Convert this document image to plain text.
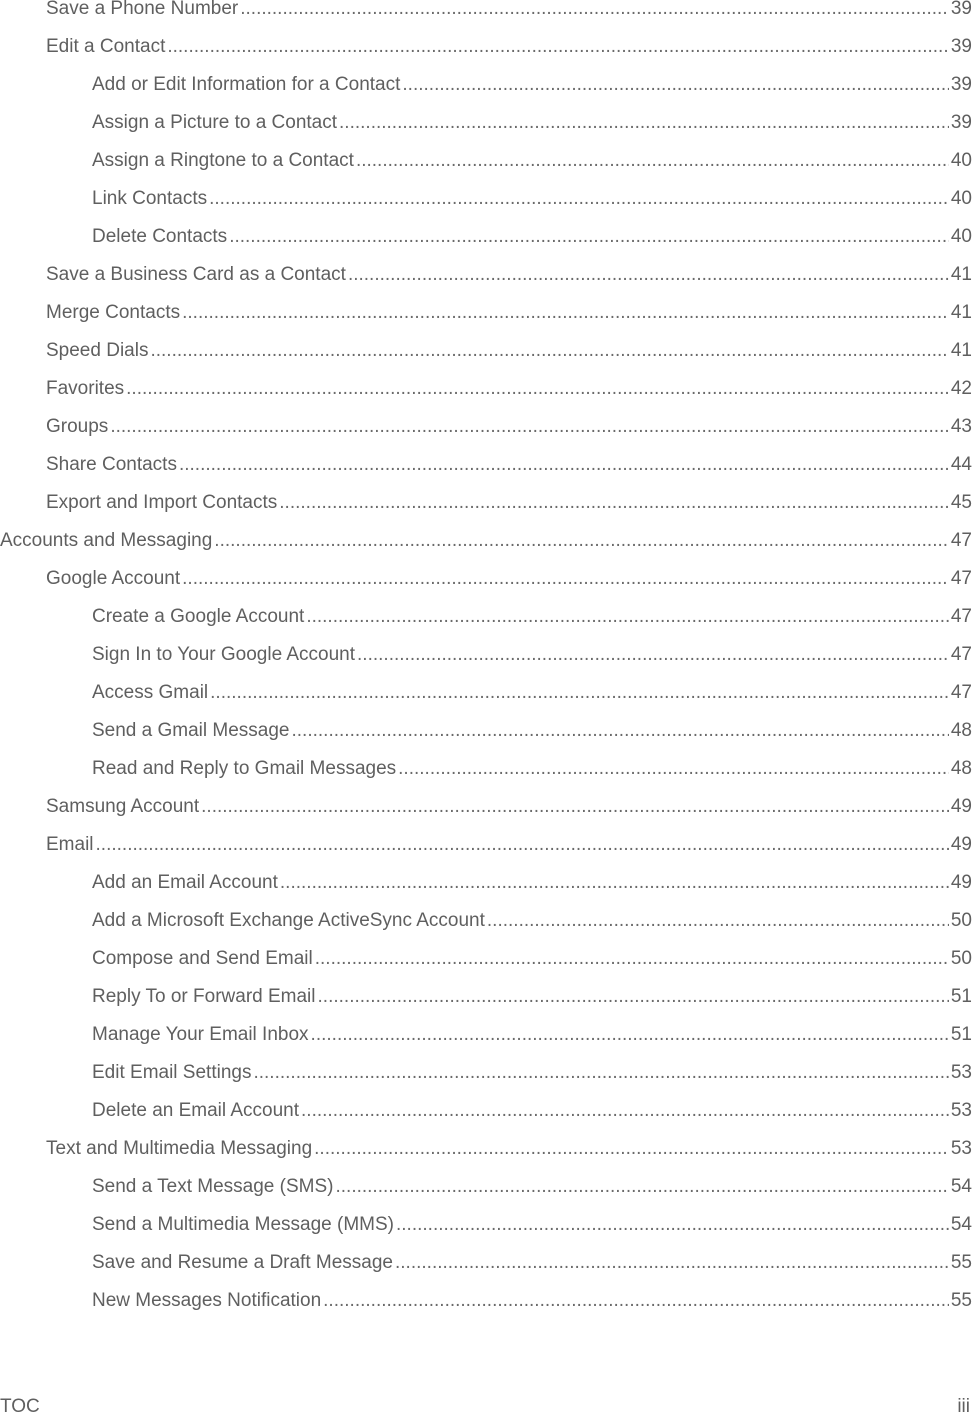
Save a Phone Number .....	39
Edit a Contact .....	39
Add or Edit Information for a Contact .....	39
Assign a Picture to a Contact .....	39
Assign a Ringtone to a Contact .....	40
Link Contacts .....	40
Delete Contacts .....	40
Save a Business Card as a Contact .....	41
Merge Contacts .....	41
Speed Dials .....	41
Favorites .....	42
Groups .....	43
Share Contacts .....	44
Export and Import Contacts .....	45
Accounts and Messaging .....	47
Google Account .....	47
Create a Google Account .....	47
Sign In to Your Google Account .....	47
Access Gmail .....	47
Send a Gmail Message .....	48
Read and Reply to Gmail Messages .....	48
Samsung Account .....	49
Email .....	49
Add an Email Account .....	49
Add a Microsoft Exchange ActiveSync Account .....	50
Compose and Send Email .....	50
Reply To or Forward Email .....	51
Manage Your Email Inbox .....	51
Edit Email Settings .....	53
Delete an Email Account .....	53
Text and Multimedia Messaging .....	53
Send a Text Message (SMS) .....	54
Send a Multimedia Message (MMS) .....	54
Save and Resume a Draft Message .....	55
New Messages Notification .....	55
TOC	iii
